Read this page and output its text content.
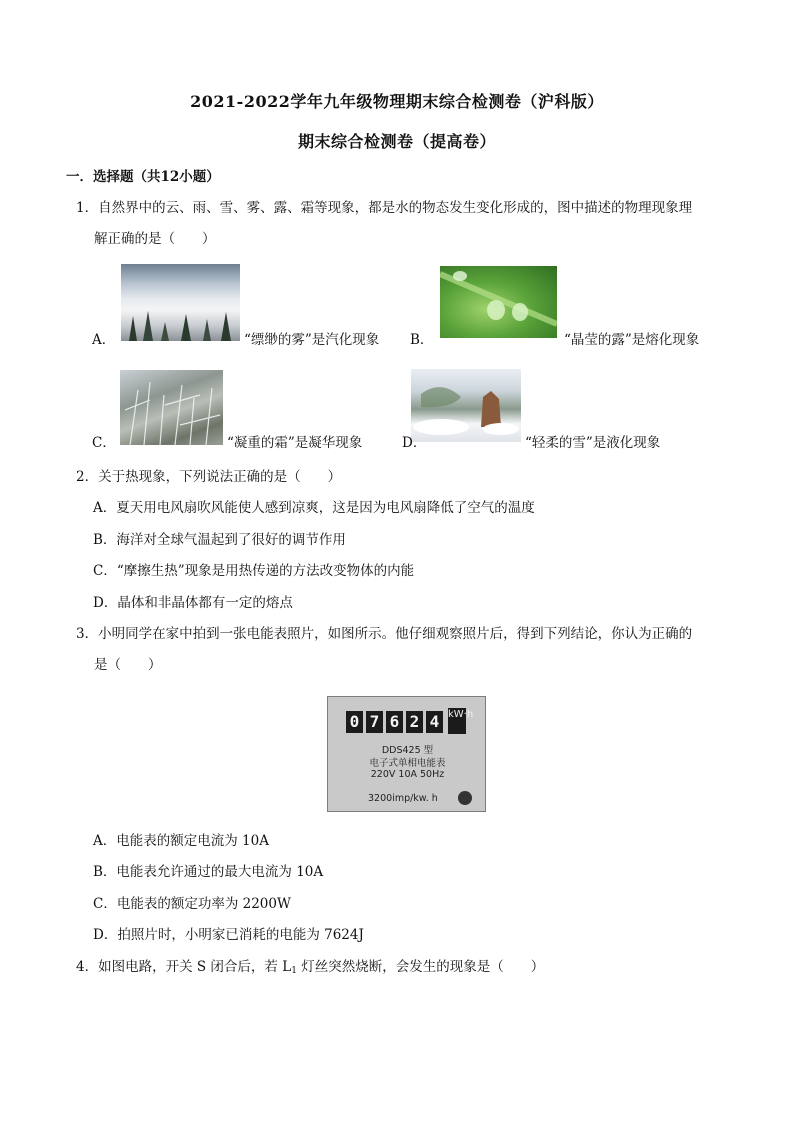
2021-2022学年九年级物理期末综合检测卷（沪科版）
期末综合检测卷（提高卷）
一．选择题（共12小题）
1．自然界中的云、雨、雪、雾、露、霜等现象，都是水的物态发生变化形成的，图中描述的物理现象理
解正确的是（　　）
A．	“缥缈的雾”是汽化现象 B．	“晶莹的露”是熔化现象
C．	“凝重的霜”是凝华现象	D．	“轻柔的雪”是液化现象
2．关于热现象，下列说法正确的是（　　）
A．夏天用电风扇吹风能使人感到凉爽，这是因为电风扇降低了空气的温度
B．海洋对全球气温起到了很好的调节作用
C．“摩擦生热”现象是用热传递的方法改变物体的内能
D．晶体和非晶体都有一定的熔点
3．小明同学在家中拍到一张电能表照片，如图所示。他仔细观察照片后，得到下列结论，你认为正确的
是（　　）
0 7 6 2 4 kW·h
DDS425 型
电子式单相电能表
220V 10A 50Hz
3200imp/kw. h
A．电能表的额定电流为 10A
B．电能表允许通过的最大电流为 10A
C．电能表的额定功率为 2200W
D．拍照片时，小明家已消耗的电能为 7624J
4．如图电路，开关 S 闭合后，若 $L_1$ 灯丝突然烧断，会发生的现象是（　　）
